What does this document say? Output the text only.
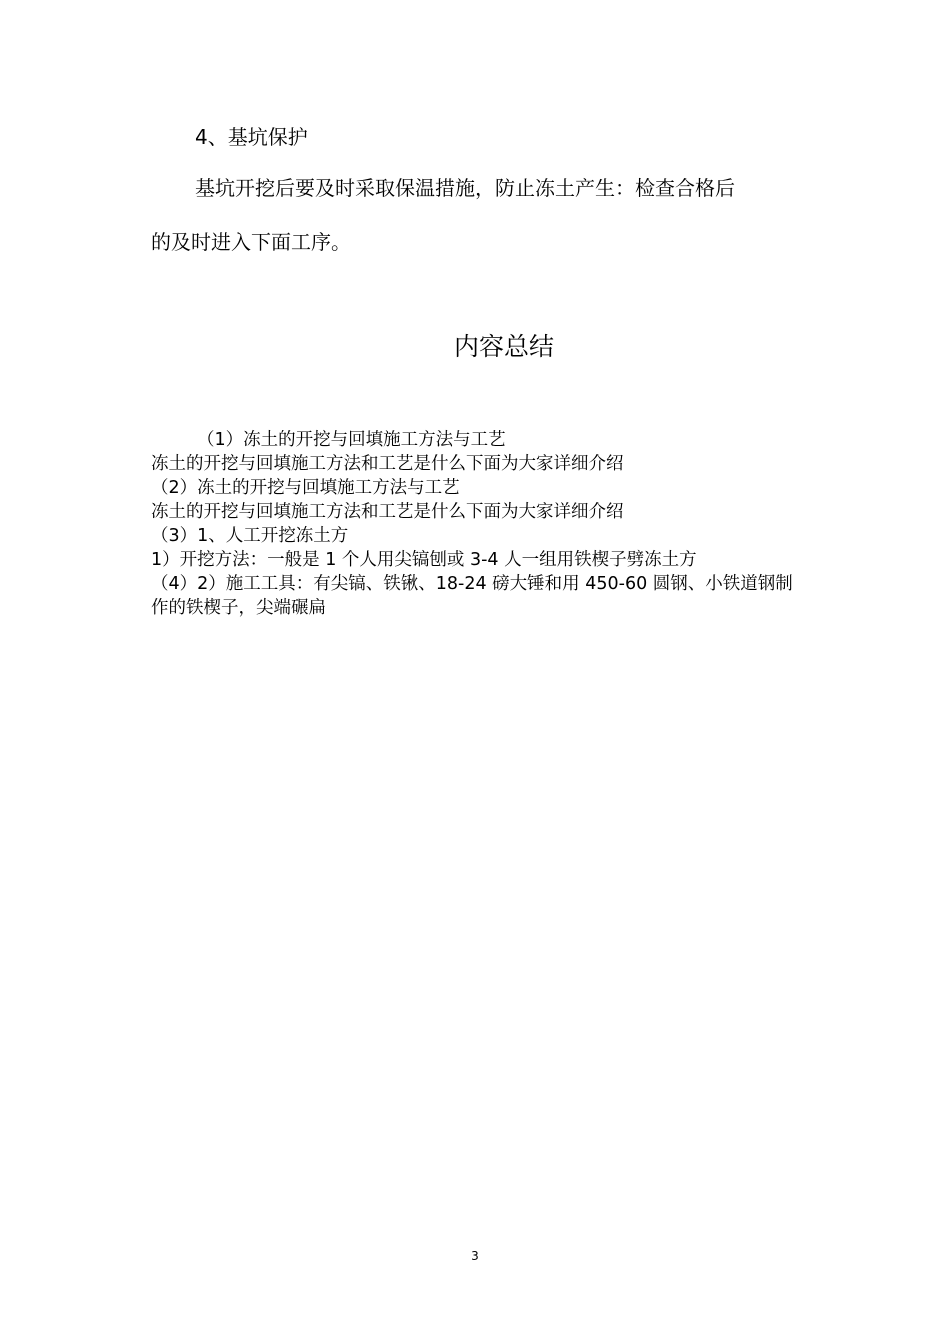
4、基坑保护
基坑开挖后要及时采取保温措施，防止冻土产生：检查合格后
的及时进入下面工序。
内容总结
（1）冻土的开挖与回填施工方法与工艺
冻土的开挖与回填施工方法和工艺是什么下面为大家详细介绍
（2）冻土的开挖与回填施工方法与工艺
冻土的开挖与回填施工方法和工艺是什么下面为大家详细介绍
（3）1、人工开挖冻土方
1）开挖方法：一般是 1 个人用尖镐刨或 3-4 人一组用铁楔子劈冻土方
（4）2）施工工具：有尖镐、铁锹、18-24 磅大锤和用 450-60 圆钢、小铁道钢制作的铁楔子，尖端碾扁
3
